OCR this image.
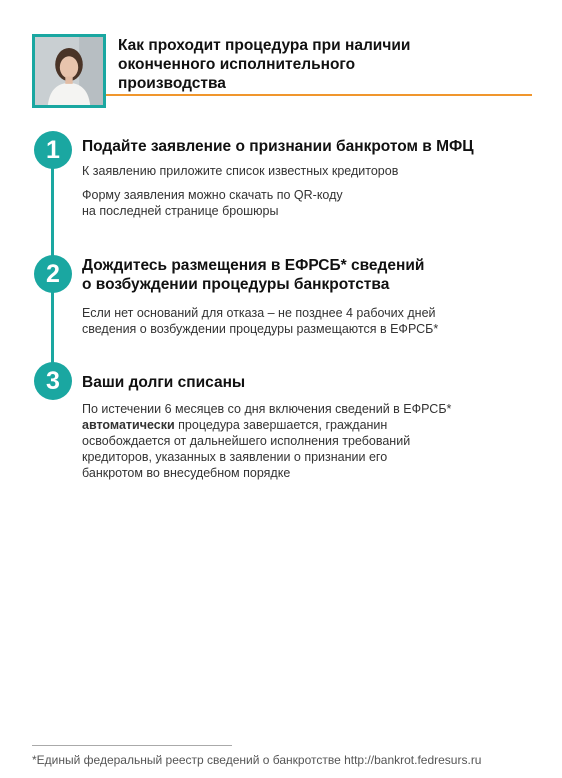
Как проходит процедура при наличии
оконченного исполнительного
производства
1	Подайте заявление о признании банкротом в МФЦ
К заявлению приложите список известных кредиторов
Форму заявления можно скачать по QR-коду
на последней странице брошюры
2	Дождитесь размещения в ЕФРСБ* сведений
о возбуждении процедуры банкротства
Если нет оснований для отказа – не позднее 4 рабочих дней
сведения о возбуждении процедуры размещаются в ЕФРСБ*
3	Ваши долги списаны
По истечении 6 месяцев со дня включения сведений в ЕФРСБ*
автоматически процедура завершается, гражданин
освобождается от дальнейшего исполнения требований
кредиторов, указанных в заявлении о признании его
банкротом во внесудебном порядке
*Единый федеральный реестр сведений о банкротстве http://bankrot.fedresurs.ru
